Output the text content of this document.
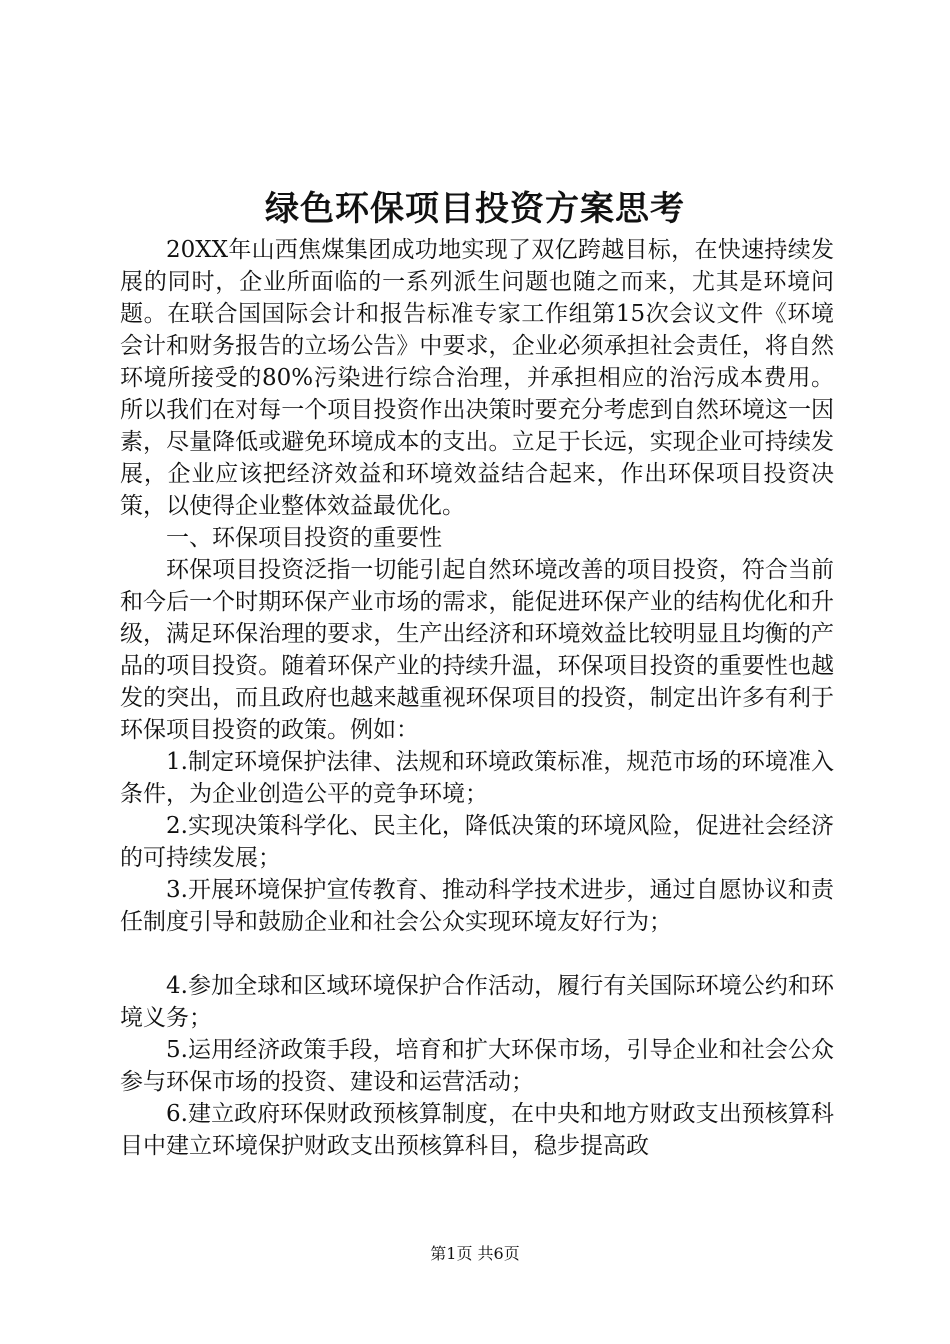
绿色环保项目投资方案思考

20XX年山西焦煤集团成功地实现了双亿跨越目标，在快速持续发展的同时，企业所面临的一系列派生问题也随之而来，尤其是环境问题。在联合国国际会计和报告标准专家工作组第15次会议文件《环境会计和财务报告的立场公告》中要求，企业必须承担社会责任，将自然环境所接受的80%污染进行综合治理，并承担相应的治污成本费用。所以我们在对每一个项目投资作出决策时要充分考虑到自然环境这一因素，尽量降低或避免环境成本的支出。立足于长远，实现企业可持续发展，企业应该把经济效益和环境效益结合起来，作出环保项目投资决策，以使得企业整体效益最优化。

一、环保项目投资的重要性

环保项目投资泛指一切能引起自然环境改善的项目投资，符合当前和今后一个时期环保产业市场的需求，能促进环保产业的结构优化和升级，满足环保治理的要求，生产出经济和环境效益比较明显且均衡的产品的项目投资。随着环保产业的持续升温，环保项目投资的重要性也越发的突出，而且政府也越来越重视环保项目的投资，制定出许多有利于环保项目投资的政策。例如：

1.制定环境保护法律、法规和环境政策标准，规范市场的环境准入条件，为企业创造公平的竞争环境；

2.实现决策科学化、民主化，降低决策的环境风险，促进社会经济的可持续发展；

3.开展环境保护宣传教育、推动科学技术进步，通过自愿协议和责任制度引导和鼓励企业和社会公众实现环境友好行为；

4.参加全球和区域环境保护合作活动，履行有关国际环境公约和环境义务；

5.运用经济政策手段，培育和扩大环保市场，引导企业和社会公众参与环保市场的投资、建设和运营活动；

6.建立政府环保财政预核算制度，在中央和地方财政支出预核算科目中建立环境保护财政支出预核算科目，稳步提高政

第1页 共6页
